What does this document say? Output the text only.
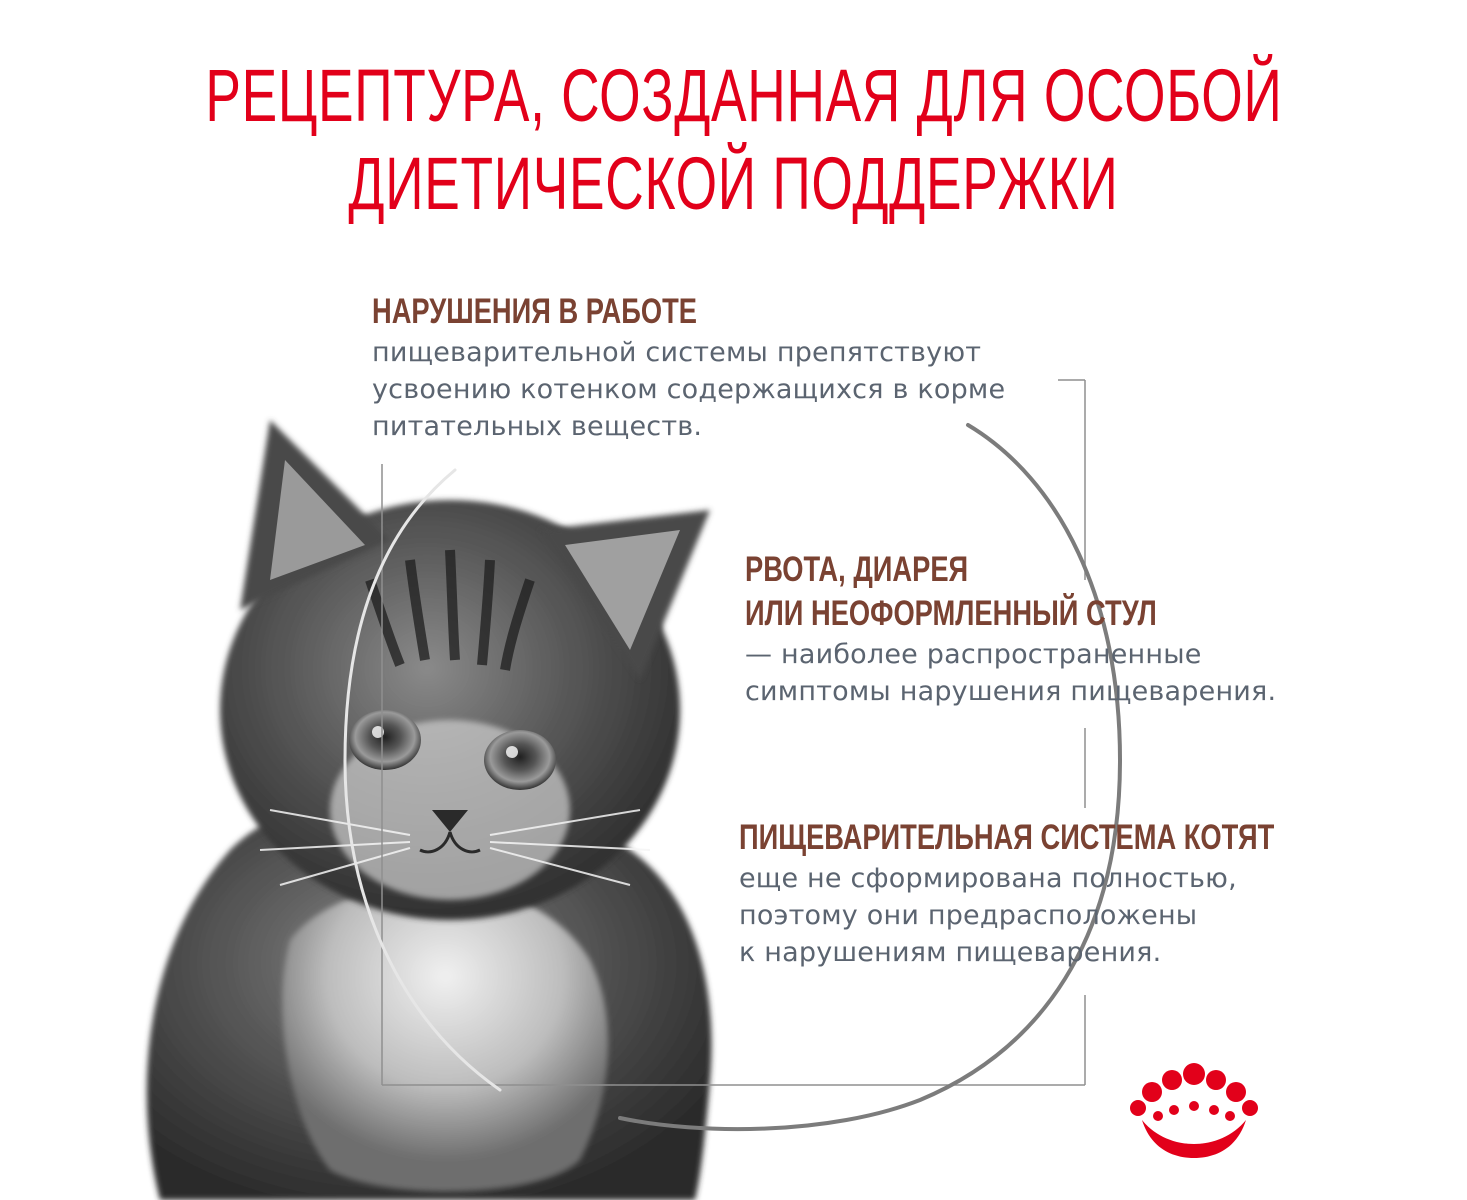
РЕЦЕПТУРА, СОЗДАННАЯ ДЛЯ ОСОБОЙ
ДИЕТИЧЕСКОЙ ПОДДЕРЖКИ
НАРУШЕНИЯ В РАБОТЕ
пищеварительной системы препятствуют
усвоению котенком содержащихся в корме
питательных веществ.
РВОТА, ДИАРЕЯ
ИЛИ НЕОФОРМЛЕННЫЙ СТУЛ
— наиболее распространенные
симптомы нарушения пищеварения.
ПИЩЕВАРИТЕЛЬНАЯ СИСТЕМА КОТЯТ
еще не сформирована полностью,
поэтому они предрасположены
к нарушениям пищеварения.
